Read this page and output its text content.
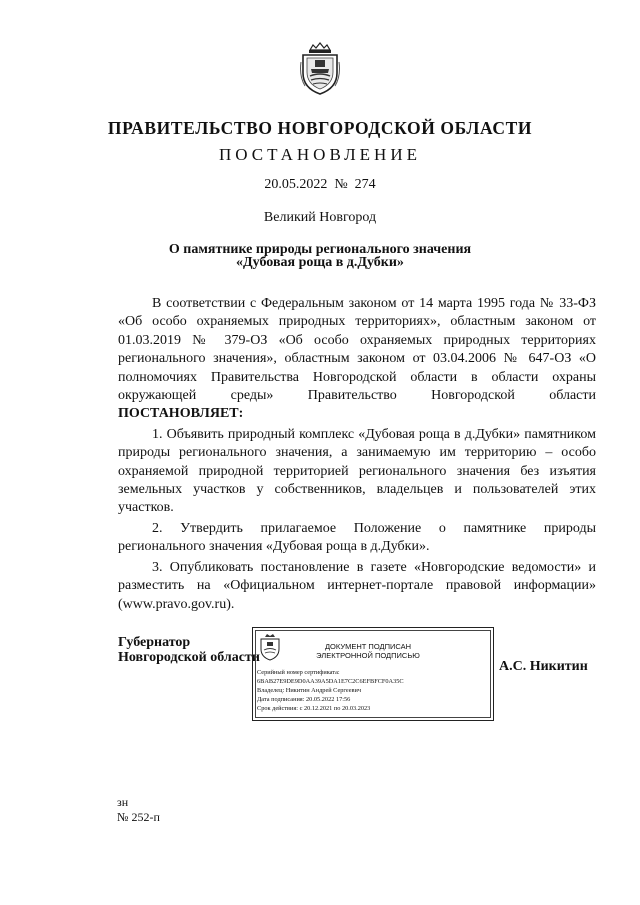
ПРАВИТЕЛЬСТВО НОВГОРОДСКОЙ ОБЛАСТИ
ПОСТАНОВЛЕНИЕ
20.05.2022 № 274
Великий Новгород
О памятнике природы регионального значения
«Дубовая роща в д.Дубки»

В соответствии с Федеральным законом от 14 марта 1995 года № 33-ФЗ «Об особо охраняемых природных территориях», областным законом от 01.03.2019 № 379-ОЗ «Об особо охраняемых природных территориях регионального значения», областным законом от 03.04.2006 № 647-ОЗ «О полномочиях Правительства Новгородской области в области охраны окружающей среды» Правительство Новгородской области ПОСТАНОВЛЯЕТ:

1. Объявить природный комплекс «Дубовая роща в д.Дубки» памятником природы регионального значения, а занимаемую им территорию – особо охраняемой природной территорией регионального значения без изъятия земельных участков у собственников, владельцев и пользователей этих участков.

2. Утвердить прилагаемое Положение о памятнике природы регионального значения «Дубовая роща в д.Дубки».

3. Опубликовать постановление в газете «Новгородские ведомости» и разместить на «Официальном интернет-портале правовой информации» (www.pravo.gov.ru).

Губернатор
Новгородской области
ДОКУМЕНТ ПОДПИСАН
ЭЛЕКТРОННОЙ ПОДПИСЬЮ
Серийный номер сертификата:
6BAB27E9DE9D0AA39A5DA1E7C2C6EFBFCF0A35C
Владелец: Никитин Андрей Сергеевич
Дата подписания: 20.05.2022 17:56
Срок действия: с 20.12.2021 по 20.03.2023
А.С. Никитин
зн
№ 252-п
